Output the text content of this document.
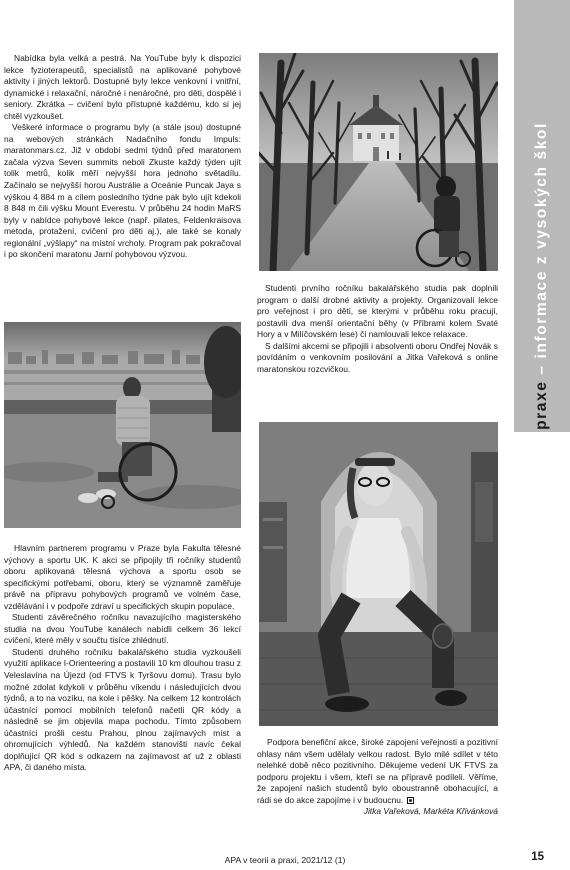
Nabídka byla velká a pestrá. Na YouTube byly k dispozici lekce fyzioterapeutů, specialistů na aplikované pohybové aktivity i jiných lektorů. Dostupné byly lekce venkovní i vnitřní, dynamické i relaxační, náročné i nenáročné, pro děti, dospělé i seniory. Zkrátka – cvičení bylo přístupné každému, kdo si jej chtěl vyzkoušet.

Veškeré informace o programu byly (a stále jsou) dostupné na webových stránkách Nadačního fondu Impuls: maratonmars.cz. Již v období sedmi týdnů před maratonem začala výzva Seven summits neboli Zkuste každý týden ujít tolik metrů, kolik měří nejvyšší hora jednoho světadílu. Začínalo se nejvyšší horou Austrálie a Oceánie Puncak Jaya s výškou 4 884 m a cílem posledního týdne pak bylo ujít kdekoli 8 848 m čili výšku Mount Everestu. V průběhu 24 hodin MaRS byly v nabídce pohybové lekce (např. pilates, Feldenkraisova metoda, protažení, cvičení pro děti aj.), ale také se konaly regionální „výšlapy“ na místní vrcholy. Program pak pokračoval i po skončení maratonu Jarní pohybovou výzvou.

Studenti prvního ročníku bakalářského studia pak doplnili program o další drobné aktivity a projekty. Organizovali lekce pro veřejnost i pro děti, se kterými v průběhu roku pracují, postavili dva menší orientační běhy (v Příbrami kolem Svaté Hory a v Milíčovském lese) či namlouvali lekce relaxace.

S dalšími akcemi se připojili i absolventi oboru Ondřej Novák s povídáním o venkovním posilování a Jitka Vařeková s online maratonskou rozcvičkou.

Hlavním partnerem programu v Praze byla Fakulta tělesné výchovy a sportu UK. K akci se připojily tři ročníky studentů oboru aplikovaná tělesná výchova a sportu osob se specifickými potřebami, oboru, který se významně zaměřuje právě na přípravu pohybových programů ve volném čase, vzdělávání i v podpoře zdraví u specifických skupin populace.

Studenti závěrečného ročníku navazujícího magisterského studia na dvou YouTube kanálech nabídli celkem 36 lekcí cvičení, které měly v součtu tisíce zhlédnutí.

Studenti druhého ročníku bakalářského studia vyzkoušeli využití aplikace I-Orienteering a postavili 10 km dlouhou trasu z Veleslavína na Újezd (od FTVS k Tyršovu domu). Trasu bylo možné zdolat kdykoli v průběhu víkendu i následujících dvou týdnů, a to na vozíku, na kole i pěšky. Na celkem 12 kontrolách účastníci pomocí mobilních telefonů načetli QR kódy a následně se jim objevila mapa pochodu. Tímto způsobem účastníci prošli cestu Prahou, plnou zajímavých míst a ohromujících výhledů. Na každém stanovišti navíc čekal doplňující QR kód s odkazem na zajímavost ať už z oblasti APA, či daného místa.

Podpora benefiční akce, široké zapojení veřejnosti a pozitivní ohlasy nám všem udělaly velkou radost. Bylo milé sdílet v této nelehké době něco pozitivního. Děkujeme vedení UK FTVS za podporu projektu i všem, kteří se na přípravě podíleli. Věříme, že zapojení našich studentů bylo oboustranně obohacující, a rádi se do akce zapojíme i v budoucnu.

Jitka Vařeková, Markéta Křivánková

praxe – informace z vysokých škol
APA v teorii a praxi, 2021/12 (1)	15
